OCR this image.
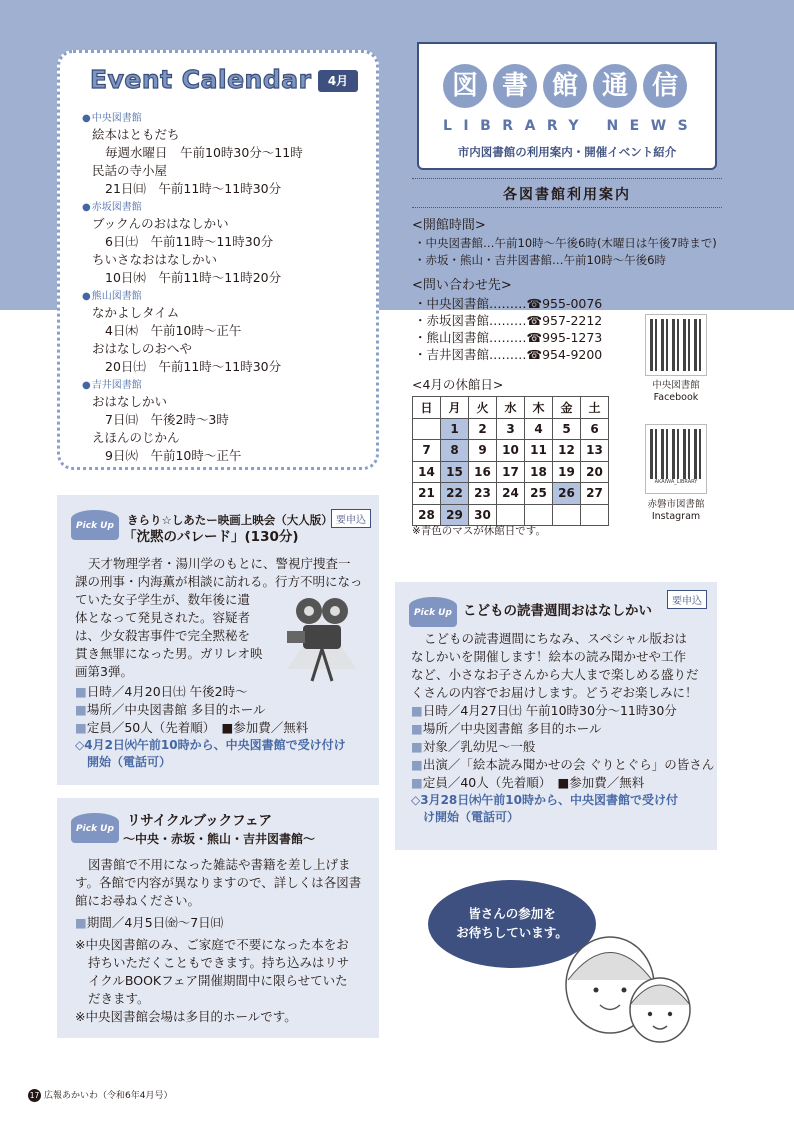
Event Calendar	4月
● 中央図書館
絵本はともだち
毎週水曜日　午前10時30分～11時
民話の寺小屋
21日㈰　午前11時～11時30分
● 赤坂図書館
ブックんのおはなしかい
6日㈯　午前11時～11時30分
ちいさなおはなしかい
10日㈬　午前11時～11時20分
● 熊山図書館
なかよしタイム
4日㈭　午前10時～正午
おはなしのおへや
20日㈯　午前11時～11時30分
● 吉井図書館
おはなしかい
7日㈰　午後2時～3時
えほんのじかん
9日㈫　午前10時～正午
図 書 館 通 信
LIBRARY NEWS
市内図書館の利用案内・開催イベント紹介
各図書館利用案内
<開館時間>
・中央図書館…午前10時～午後6時(木曜日は午後7時まで)
・赤坂・熊山・吉井図書館…午前10時～午後6時
<問い合わせ先>
・中央図書館………☎955-0076
・赤坂図書館………☎957-2212
・熊山図書館………☎995-1273
・吉井図書館………☎954-9200
<4月の休館日>
日	月	火	水	木	金	土
	1	2	3	4	5	6
7	8	9	10	11	12	13
14	15	16	17	18	19	20
21	22	23	24	25	26	27
28	29	30				
※青色のマスが休館日です。
中央図書館
Facebook
AKAIWA_LIBRARY
赤磐市図書館
Instagram
Pick Up	要申込
きらり☆しあたー映画上映会（大人版）
「沈黙のパレード」(130分)
天才物理学者・湯川学のもとに、警視庁捜査一
課の刑事・内海薫が相談に訪れる。行方不明になっ
ていた女子学生が、数年後に遺
体となって発見された。容疑者
は、少女殺害事件で完全黙秘を
貫き無罪になった男。ガリレオ映
画第3弾。
■日時／4月20日㈯ 午後2時～
■場所／中央図書館 多目的ホール
■定員／50人（先着順）　■参加費／無料
◇4月2日㈫午前10時から、中央図書館で受け付け
開始（電話可）
Pick Up リサイクルブックフェア
～中央・赤坂・熊山・吉井図書館～
図書館で不用になった雑誌や書籍を差し上げま
す。各館で内容が異なりますので、詳しくは各図書
館にお尋ねください。
■期間／4月5日㈮～7日㈰
※中央図書館のみ、ご家庭で不要になった本をお
持ちいただくこともできます。持ち込みはリサ
イクルBOOKフェア開催期間中に限らせていた
だきます。
※中央図書館会場は多目的ホールです。
Pick Up
要申込
こどもの読書週間おはなしかい
こどもの読書週間にちなみ、スペシャル版おは
なしかいを開催します！絵本の読み聞かせや工作
など、小さなお子さんから大人まで楽しめる盛りだ
くさんの内容でお届けします。どうぞお楽しみに！
■日時／4月27日㈯ 午前10時30分～11時30分
■場所／中央図書館 多目的ホール
■対象／乳幼児～一般
■出演／「絵本読み聞かせの会 ぐりとぐら」の皆さん
■定員／40人（先着順）　■参加費／無料
◇3月28日㈭午前10時から、中央図書館で受け付
け開始（電話可）
皆さんの参加を
お待ちしています。
17 広報あかいわ（令和6年4月号）
